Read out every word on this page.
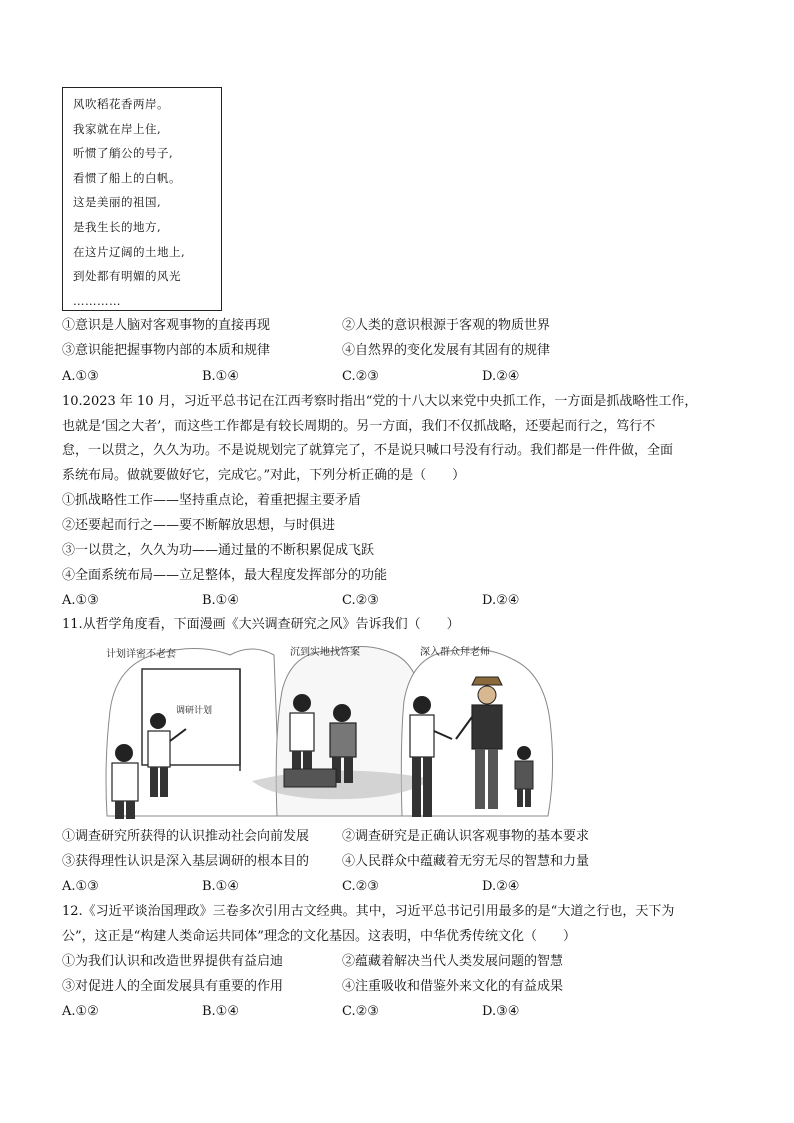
风吹稻花香两岸。
我家就在岸上住,
听惯了艄公的号子,
看惯了船上的白帆。
这是美丽的祖国,
是我生长的地方,
在这片辽阔的土地上,
到处都有明媚的风光
…………
①意识是人脑对客观事物的直接再现	②人类的意识根源于客观的物质世界
③意识能把握事物内部的本质和规律	④自然界的变化发展有其固有的规律
A.①③	B.①④	C.②③	D.②④
10.2023 年 10 月，习近平总书记在江西考察时指出“党的十八大以来党中央抓工作，一方面是抓战略性工作，
也就是‘国之大者’，而这些工作都是有较长周期的。另一方面，我们不仅抓战略，还要起而行之，笃行不
怠，一以贯之，久久为功。不是说规划完了就算完了，不是说只喊口号没有行动。我们都是一件件做，全面
系统布局。做就要做好它，完成它。”对此，下列分析正确的是（　　）
①抓战略性工作——坚持重点论，着重把握主要矛盾
②还要起而行之——要不断解放思想，与时俱进
③一以贯之，久久为功——通过量的不断积累促成飞跃
④全面系统布局——立足整体，最大程度发挥部分的功能
A.①③	B.①④	C.②③	D.②④
11.从哲学角度看，下面漫画《大兴调查研究之风》告诉我们（　　）
计划详密不老套
调研计划
沉到实地找答案	深入群众拜老师
①调查研究所获得的认识推动社会向前发展	②调查研究是正确认识客观事物的基本要求
③获得理性认识是深入基层调研的根本目的	④人民群众中蕴藏着无穷无尽的智慧和力量
A.①③	B.①④	C.②③	D.②④
12.《习近平谈治国理政》三卷多次引用古文经典。其中，习近平总书记引用最多的是“大道之行也，天下为
公”，这正是“构建人类命运共同体”理念的文化基因。这表明，中华优秀传统文化（　　）
①为我们认识和改造世界提供有益启迪	②蕴藏着解决当代人类发展问题的智慧
③对促进人的全面发展具有重要的作用	④注重吸收和借鉴外来文化的有益成果
A.①②	B.①④	C.②③	D.③④
